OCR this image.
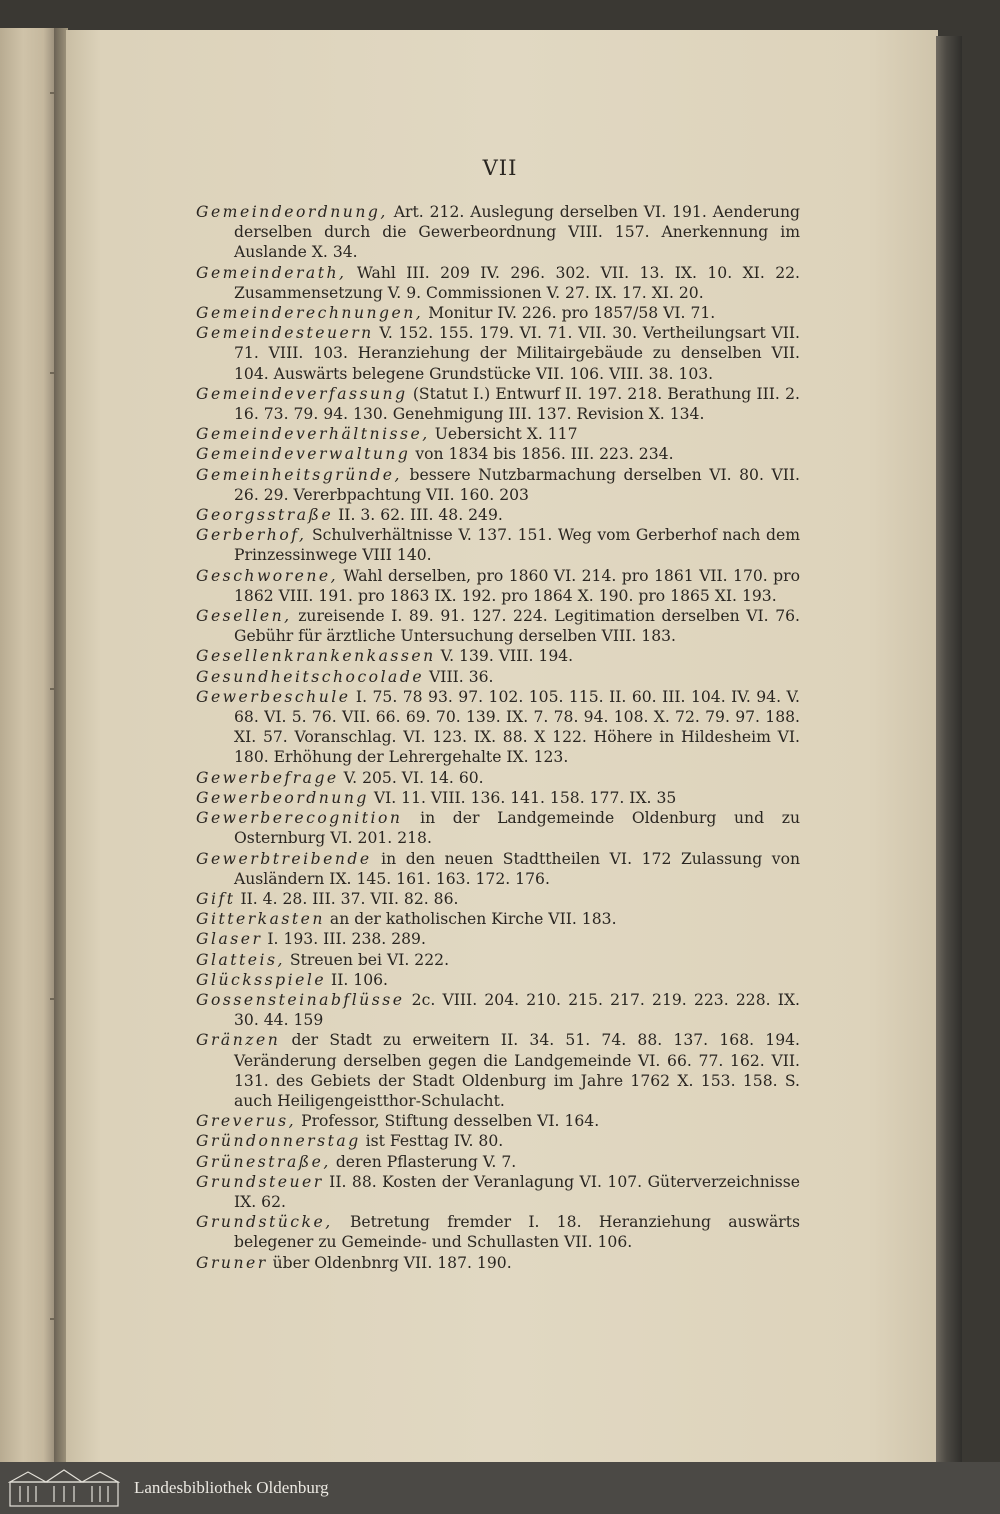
VII
Gemeindeordnung, Art. 212. Auslegung derselben VI. 191. Aenderung derselben durch die Gewerbeordnung VIII. 157. Anerkennung im Auslande X. 34.
Gemeinderath, Wahl III. 209 IV. 296. 302. VII. 13. IX. 10. XI. 22. Zusammensetzung V. 9. Commissionen V. 27. IX. 17. XI. 20.
Gemeinderechnungen, Monitur IV. 226. pro 1857/58 VI. 71.
Gemeindesteuern V. 152. 155. 179. VI. 71. VII. 30. Vertheilungsart VII. 71. VIII. 103. Heranziehung der Militairgebäude zu denselben VII. 104. Auswärts belegene Grundstücke VII. 106. VIII. 38. 103.
Gemeindeverfassung (Statut I.) Entwurf II. 197. 218. Berathung III. 2. 16. 73. 79. 94. 130. Genehmigung III. 137. Revision X. 134.
Gemeindeverhältnisse, Uebersicht X. 117
Gemeindeverwaltung von 1834 bis 1856. III. 223. 234.
Gemeinheitsgründe, bessere Nutzbarmachung derselben VI. 80. VII. 26. 29. Vererbpachtung VII. 160. 203
Georgsstraße II. 3. 62. III. 48. 249.
Gerberhof, Schulverhältnisse V. 137. 151. Weg vom Gerberhof nach dem Prinzessinwege VIII 140.
Geschworene, Wahl derselben, pro 1860 VI. 214. pro 1861 VII. 170. pro 1862 VIII. 191. pro 1863 IX. 192. pro 1864 X. 190. pro 1865 XI. 193.
Gesellen, zureisende I. 89. 91. 127. 224. Legitimation derselben VI. 76. Gebühr für ärztliche Untersuchung derselben VIII. 183.
Gesellenkrankenkassen V. 139. VIII. 194.
Gesundheitschocolade VIII. 36.
Gewerbeschule I. 75. 78 93. 97. 102. 105. 115. II. 60. III. 104. IV. 94. V. 68. VI. 5. 76. VII. 66. 69. 70. 139. IX. 7. 78. 94. 108. X. 72. 79. 97. 188. XI. 57. Voranschlag. VI. 123. IX. 88. X 122. Höhere in Hildesheim VI. 180. Erhöhung der Lehrergehalte IX. 123.
Gewerbefrage V. 205. VI. 14. 60.
Gewerbeordnung VI. 11. VIII. 136. 141. 158. 177. IX. 35
Gewerberecognition in der Landgemeinde Oldenburg und zu Osternburg VI. 201. 218.
Gewerbtreibende in den neuen Stadttheilen VI. 172 Zulassung von Ausländern IX. 145. 161. 163. 172. 176.
Gift II. 4. 28. III. 37. VII. 82. 86.
Gitterkasten an der katholischen Kirche VII. 183.
Glaser I. 193. III. 238. 289.
Glatteis, Streuen bei VI. 222.
Glücksspiele II. 106.
Gossensteinabflüsse 2c. VIII. 204. 210. 215. 217. 219. 223. 228. IX. 30. 44. 159
Gränzen der Stadt zu erweitern II. 34. 51. 74. 88. 137. 168. 194. Veränderung derselben gegen die Landgemeinde VI. 66. 77. 162. VII. 131. des Gebiets der Stadt Oldenburg im Jahre 1762 X. 153. 158. S. auch Heiligengeistthor-Schulacht.
Greverus, Professor, Stiftung desselben VI. 164.
Gründonnerstag ist Festtag IV. 80.
Grünestraße, deren Pflasterung V. 7.
Grundsteuer II. 88. Kosten der Veranlagung VI. 107. Güterverzeichnisse IX. 62.
Grundstücke, Betretung fremder I. 18. Heranziehung auswärts belegener zu Gemeinde- und Schullasten VII. 106.
Gruner über Oldenbnrg VII. 187. 190.
Landesbibliothek Oldenburg
